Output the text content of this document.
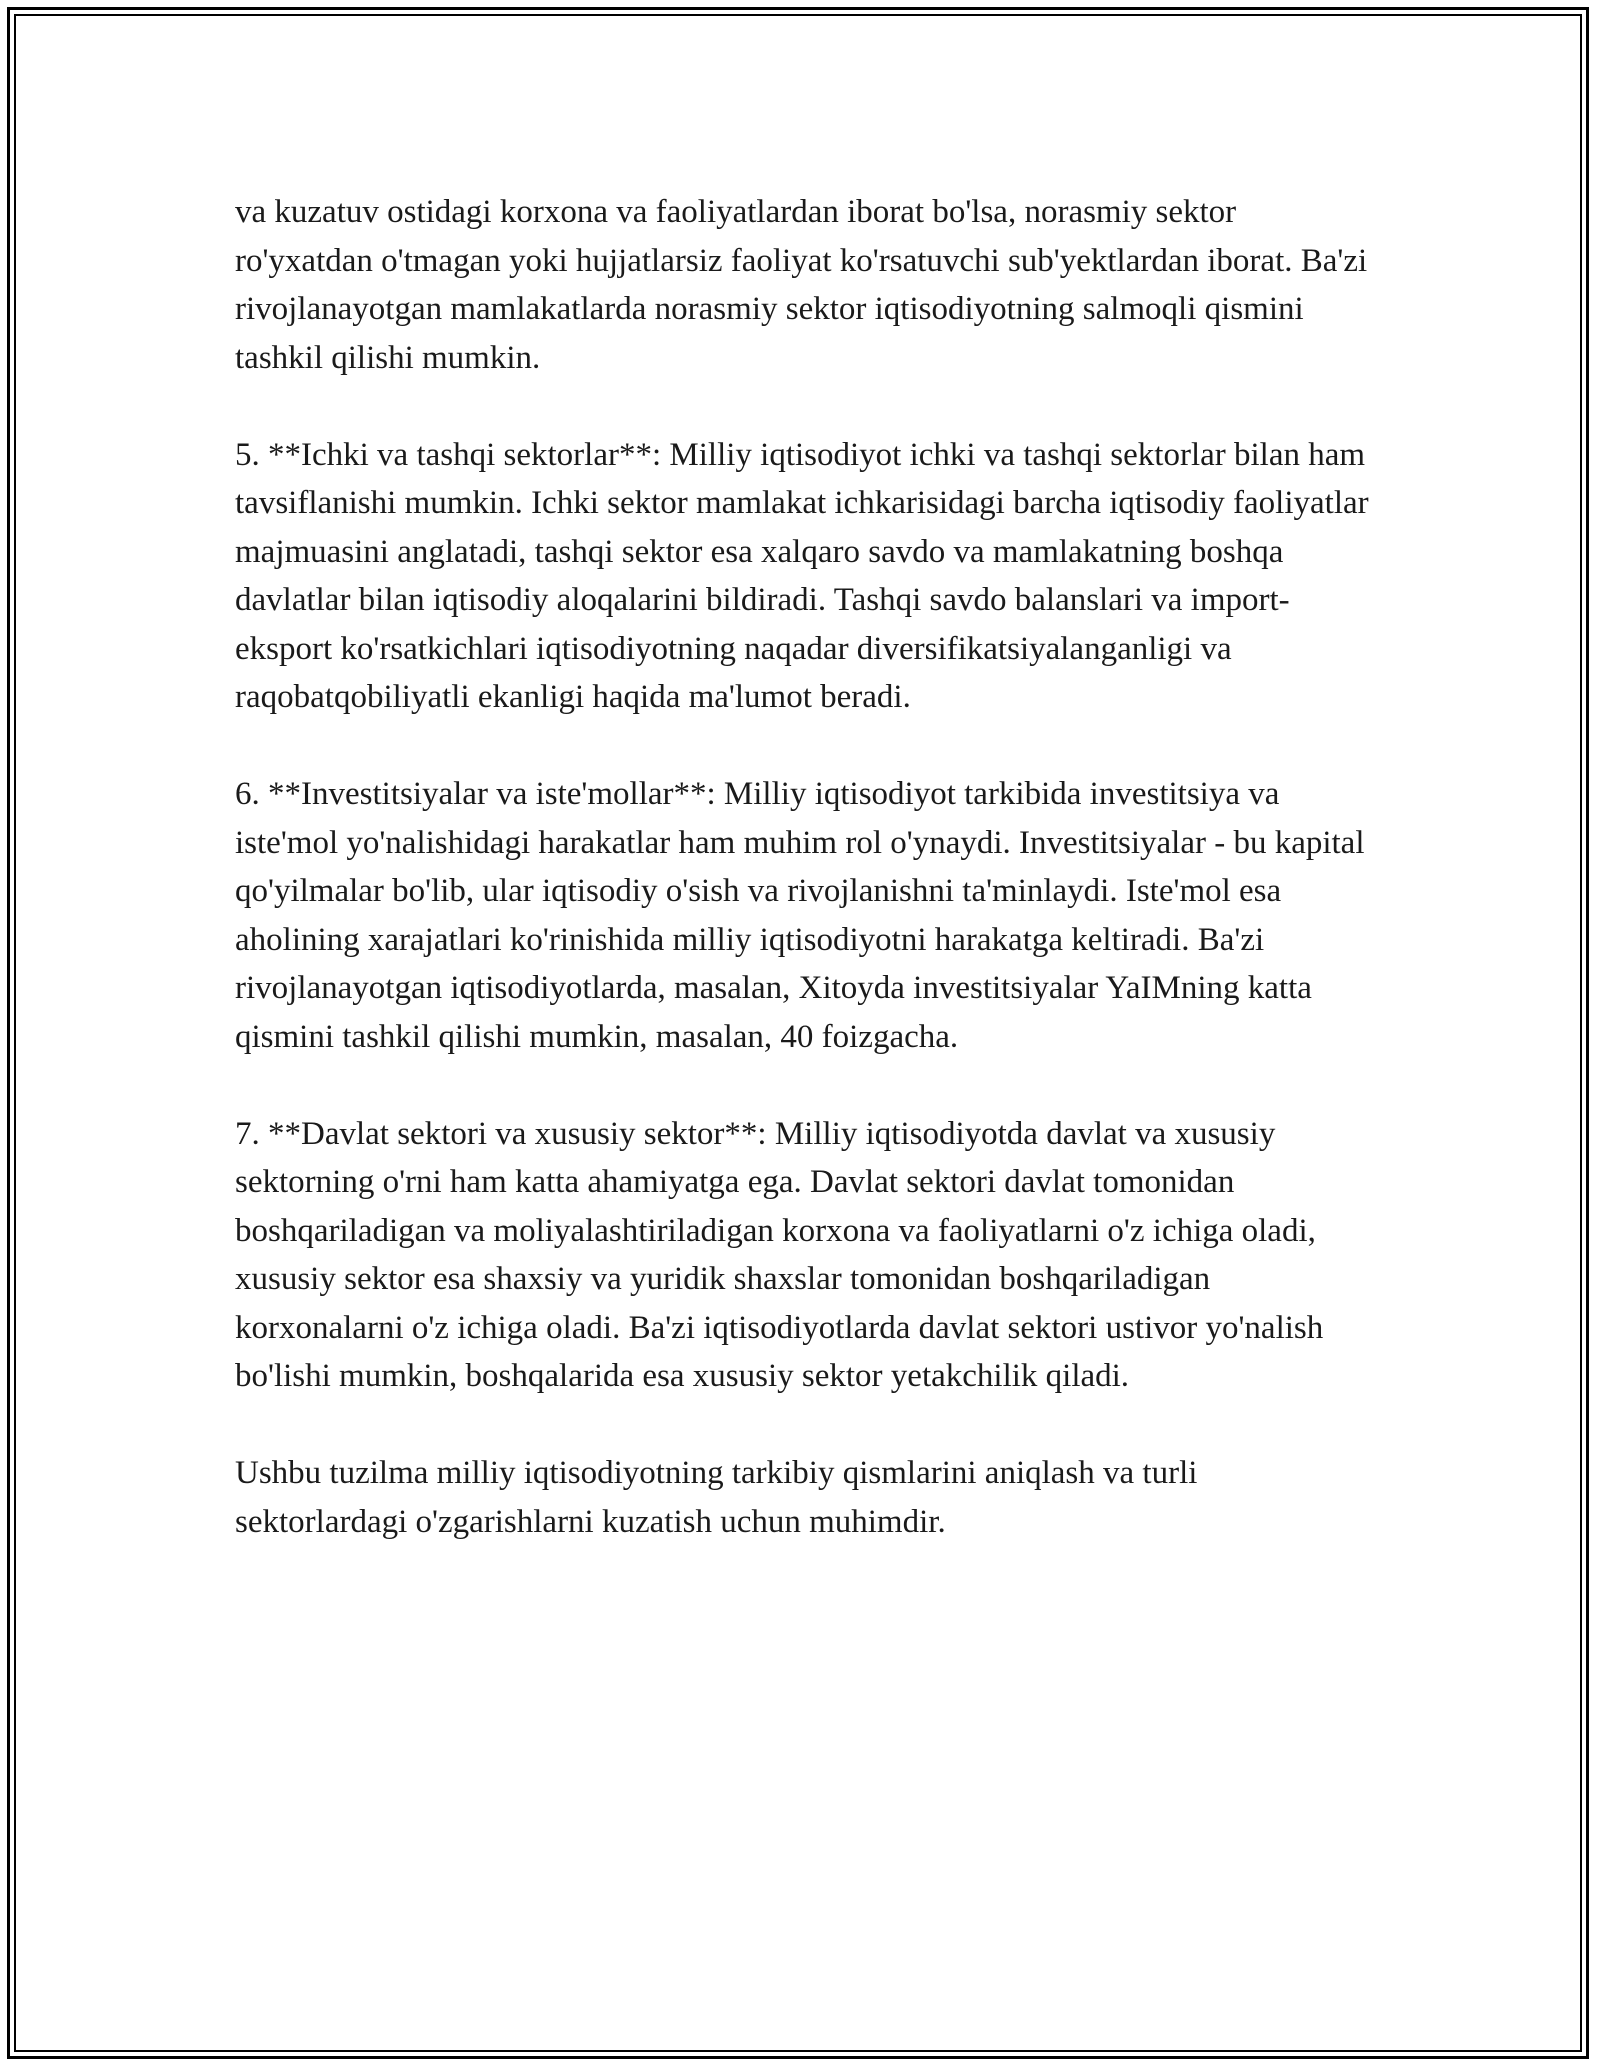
va kuzatuv ostidagi korxona va faoliyatlardan iborat bo'lsa, norasmiy sektor ro'yxatdan o'tmagan yoki hujjatlarsiz faoliyat ko'rsatuvchi sub'yektlardan iborat. Ba'zi rivojlanayotgan mamlakatlarda norasmiy sektor iqtisodiyotning salmoqli qismini tashkil qilishi mumkin.

5. **Ichki va tashqi sektorlar**: Milliy iqtisodiyot ichki va tashqi sektorlar bilan ham tavsiflanishi mumkin. Ichki sektor mamlakat ichkarisidagi barcha iqtisodiy faoliyatlar majmuasini anglatadi, tashqi sektor esa xalqaro savdo va mamlakatning boshqa davlatlar bilan iqtisodiy aloqalarini bildiradi. Tashqi savdo balanslari va import-eksport ko'rsatkichlari iqtisodiyotning naqadar diversifikatsiyalanganligi va raqobatqobiliyatli ekanligi haqida ma'lumot beradi.

6. **Investitsiyalar va iste'mollar**: Milliy iqtisodiyot tarkibida investitsiya va iste'mol yo'nalishidagi harakatlar ham muhim rol o'ynaydi. Investitsiyalar - bu kapital qo'yilmalar bo'lib, ular iqtisodiy o'sish va rivojlanishni ta'minlaydi. Iste'mol esa aholining xarajatlari ko'rinishida milliy iqtisodiyotni harakatga keltiradi. Ba'zi rivojlanayotgan iqtisodiyotlarda, masalan, Xitoyda investitsiyalar YaIMning katta qismini tashkil qilishi mumkin, masalan, 40 foizgacha.

7. **Davlat sektori va xususiy sektor**: Milliy iqtisodiyotda davlat va xususiy sektorning o'rni ham katta ahamiyatga ega. Davlat sektori davlat tomonidan boshqariladigan va moliyalashtiriladigan korxona va faoliyatlarni o'z ichiga oladi, xususiy sektor esa shaxsiy va yuridik shaxslar tomonidan boshqariladigan korxonalarni o'z ichiga oladi. Ba'zi iqtisodiyotlarda davlat sektori ustivor yo'nalish bo'lishi mumkin, boshqalarida esa xususiy sektor yetakchilik qiladi.

Ushbu tuzilma milliy iqtisodiyotning tarkibiy qismlarini aniqlash va turli sektorlardagi o'zgarishlarni kuzatish uchun muhimdir.
